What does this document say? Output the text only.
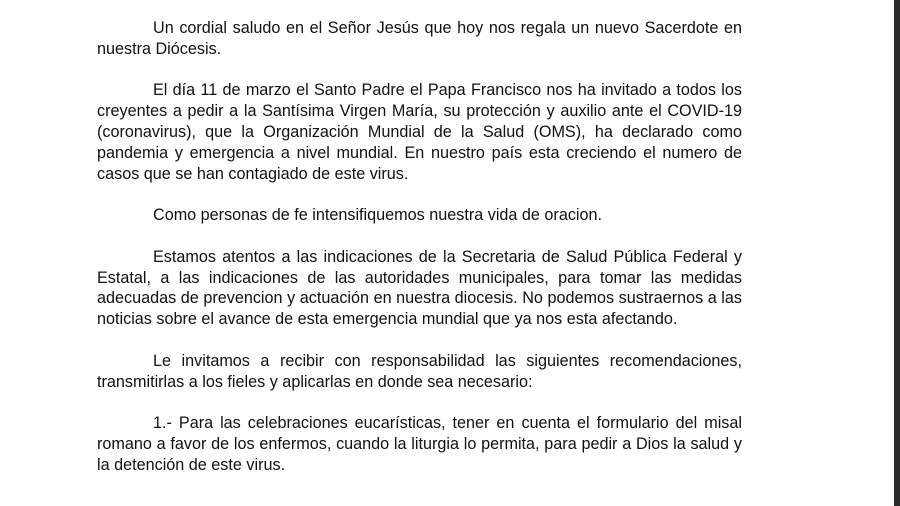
Un cordial saludo en el Señor Jesús que hoy nos regala un nuevo Sacerdote en nuestra Diócesis.

El día 11 de marzo el Santo Padre el Papa Francisco nos ha invitado a todos los creyentes a pedir a la Santísima Virgen María, su protección y auxilio ante el COVID-19 (coronavirus), que la Organización Mundial de la Salud (OMS), ha declarado como pandemia y emergencia a nivel mundial. En nuestro país esta creciendo el numero de casos que se han contagiado de este virus.

Como personas de fe intensifiquemos nuestra vida de oracion.

Estamos atentos a las indicaciones de la Secretaria de Salud Pública Federal y Estatal, a las indicaciones de las autoridades municipales, para tomar las medidas adecuadas de prevencion y actuación en nuestra diocesis. No podemos sustraernos a las noticias sobre el avance de esta emergencia mundial que ya nos esta afectando.

Le invitamos a recibir con responsabilidad las siguientes recomendaciones, transmitirlas a los fieles y aplicarlas en donde sea necesario:

1.- Para las celebraciones eucarísticas, tener en cuenta el formulario del misal romano a favor de los enfermos, cuando la liturgia lo permita, para pedir a Dios la salud y la detención de este virus.
